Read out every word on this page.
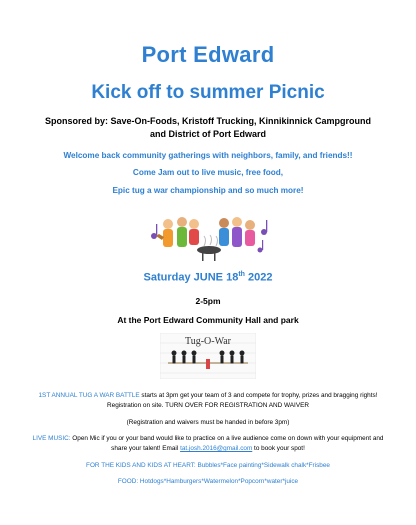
Port Edward
Kick off to summer Picnic
Sponsored by: Save-On-Foods, Kristoff Trucking, Kinnikinnick Campground and District of Port Edward
Welcome back community gatherings with neighbors, family, and friends!!
Come Jam out to live music, free food,
Epic tug a war championship and so much more!
Saturday JUNE 18th 2022
2-5pm
At the Port Edward Community Hall and park
Tug-O-War
1ST ANNUAL TUG A WAR BATTLE starts at 3pm get your team of 3 and compete for trophy, prizes and bragging rights! Registration on site. TURN OVER FOR REGISTRATION AND WAIVER
(Registration and waivers must be handed in before 3pm)
LIVE MUSIC: Open Mic if you or your band would like to practice on a live audience come on down with your equipment and share your talent! Email tat.josh.2016@gmail.com to book your spot!
FOR THE KIDS AND KIDS AT HEART: Bubbles*Face painting*Sidewalk chalk*Frisbee
FOOD: Hotdogs*Hamburgers*Watermelon*Popcorn*water*juice
